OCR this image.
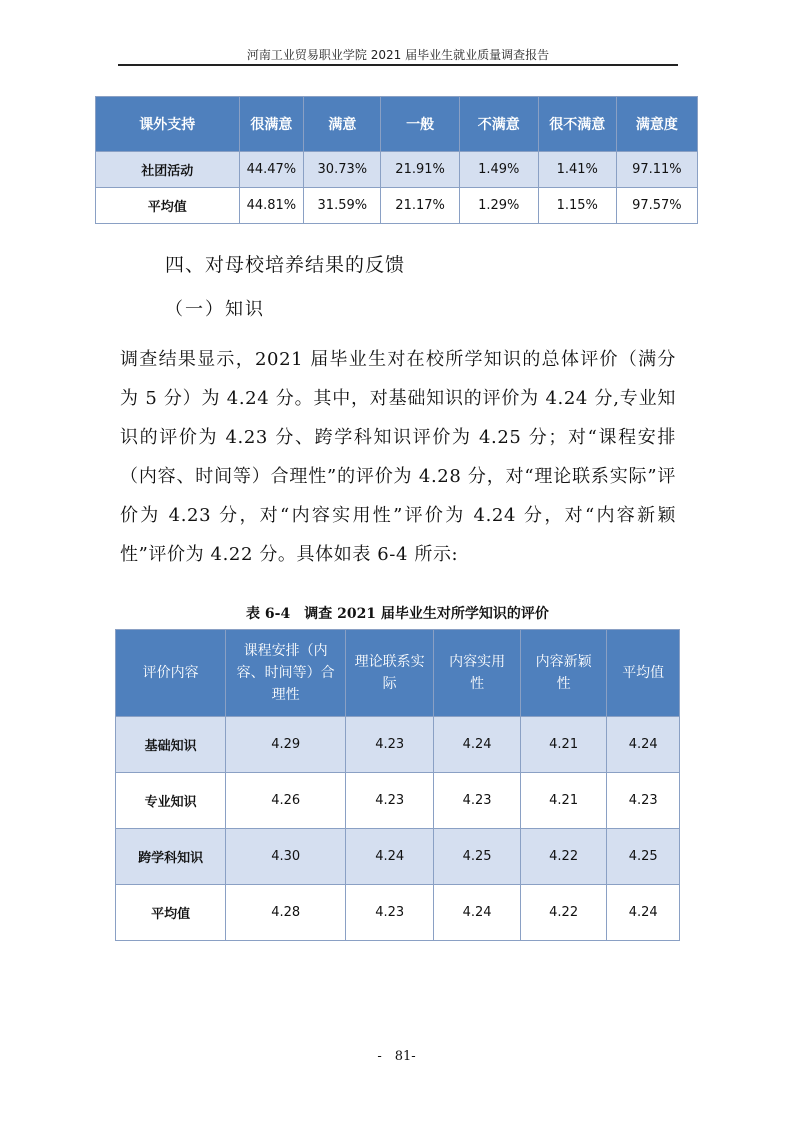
河南工业贸易职业学院 2021 届毕业生就业质量调查报告
课外支持	很满意	满意	一般	不满意	很不满意	满意度
社团活动	44.47%	30.73%	21.91%	1.49%	1.41%	97.11%
平均值	44.81%	31.59%	21.17%	1.29%	1.15%	97.57%
四、对母校培养结果的反馈
（一）知识
调查结果显示，2021 届毕业生对在校所学知识的总体评价（满分为 5 分）为 4.24 分。其中，对基础知识的评价为 4.24 分,专业知识的评价为 4.23 分、跨学科知识评价为 4.25 分；对“课程安排（内容、时间等）合理性”的评价为 4.28 分，对“理论联系实际”评价为 4.23 分，对“内容实用性”评价为 4.24 分，对“内容新颖性”评价为 4.22 分。具体如表 6-4 所示:
表 6-4　调查 2021 届毕业生对所学知识的评价
评价内容	课程安排（内容、时间等）合理性	理论联系实际	内容实用性	内容新颖性	平均值
基础知识	4.29	4.23	4.24	4.21	4.24
专业知识	4.26	4.23	4.23	4.21	4.23
跨学科知识	4.30	4.24	4.25	4.22	4.25
平均值	4.28	4.23	4.24	4.22	4.24
-　81-
